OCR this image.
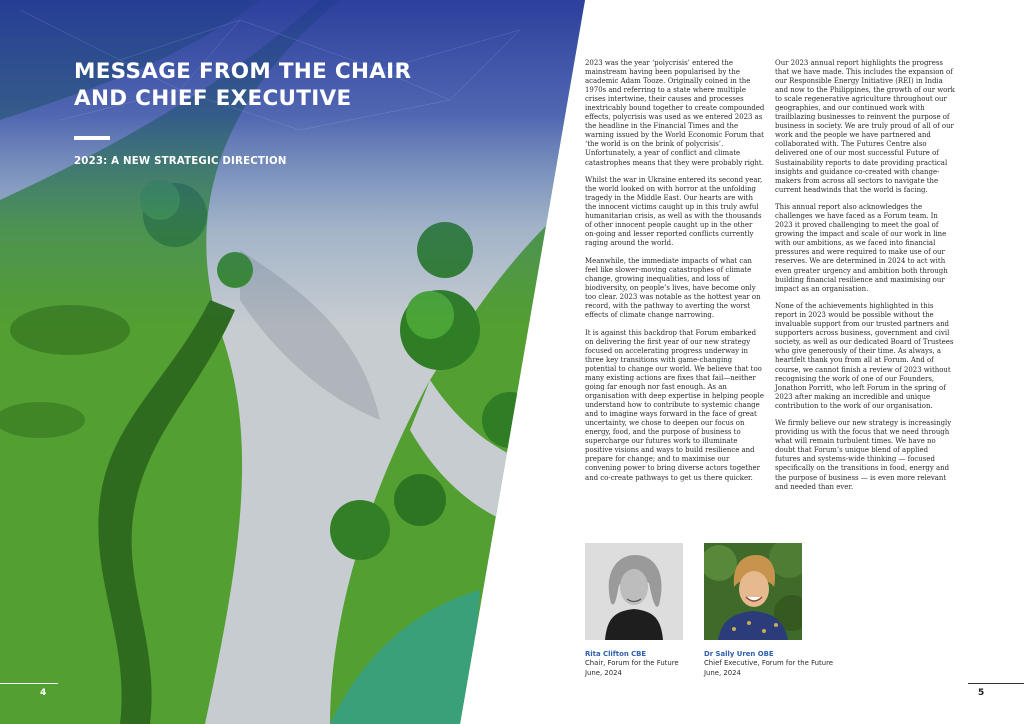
4
MESSAGE FROM THE CHAIR
AND CHIEF EXECUTIVE

2023: A NEW STRATEGIC DIRECTION

2023 was the year ‘polycrisis’ entered the mainstream having been popularised by the academic Adam Tooze. Originally coined in the 1970s and referring to a state where multiple crises intertwine, their causes and processes inextricably bound together to create compounded effects, polycrisis was used as we entered 2023 as the headline in the Financial Times and the warning issued by the World Economic Forum that ‘the world is on the brink of polycrisis’. Unfortunately, a year of conflict and climate catastrophes means that they were probably right.

Whilst the war in Ukraine entered its second year, the world looked on with horror at the unfolding tragedy in the Middle East. Our hearts are with the innocent victims caught up in this truly awful humanitarian crisis, as well as with the thousands of other innocent people caught up in the other on-going and lesser reported conflicts currently raging around the world.

Meanwhile, the immediate impacts of what can feel like slower-moving catastrophes of climate change, growing inequalities, and loss of biodiversity, on people’s lives, have become only too clear. 2023 was notable as the hottest year on record, with the pathway to averting the worst effects of climate change narrowing.

It is against this backdrop that Forum embarked on delivering the first year of our new strategy focused on accelerating progress underway in three key transitions with game-changing potential to change our world. We believe that too many existing actions are fixes that fail—neither going far enough nor fast enough. As an organisation with deep expertise in helping people understand how to contribute to systemic change and to imagine ways forward in the face of great uncertainty, we chose to deepen our focus on energy, food, and the purpose of business to supercharge our futures work to illuminate positive visions and ways to build resilience and prepare for change; and to maximise our convening power to bring diverse actors together and co-create pathways to get us there quicker.

Our 2023 annual report highlights the progress that we have made. This includes the expansion of our Responsible Energy Initiative (REI) in India and now to the Philippines, the growth of our work to scale regenerative agriculture throughout our geographies, and our continued work with trailblazing businesses to reinvent the purpose of business in society. We are truly proud of all of our work and the people we have partnered and collaborated with. The Futures Centre also delivered one of our most successful Future of Sustainability reports to date providing practical insights and guidance co-created with change-makers from across all sectors to navigate the current headwinds that the world is facing.

This annual report also acknowledges the challenges we have faced as a Forum team. In 2023 it proved challenging to meet the goal of growing the impact and scale of our work in line with our ambitions, as we faced into financial pressures and were required to make use of our reserves. We are determined in 2024 to act with even greater urgency and ambition both through building financial resilience and maximising our impact as an organisation.

None of the achievements highlighted in this report in 2023 would be possible without the invaluable support from our trusted partners and supporters across business, government and civil society, as well as our dedicated Board of Trustees who give generously of their time. As always, a heartfelt thank you from all at Forum. And of course, we cannot finish a review of 2023 without recognising the work of one of our Founders, Jonathon Porritt, who left Forum in the spring of 2023 after making an incredible and unique contribution to the work of our organisation.

We firmly believe our new strategy is increasingly providing us with the focus that we need through what will remain turbulent times. We have no doubt that Forum’s unique blend of applied futures and systems-wide thinking — focused specifically on the transitions in food, energy and the purpose of business — is even more relevant and needed than ever.

Rita Clifton CBE
Chair, Forum for the Future
June, 2024
Dr Sally Uren OBE
Chief Executive, Forum for the Future
June, 2024
5
